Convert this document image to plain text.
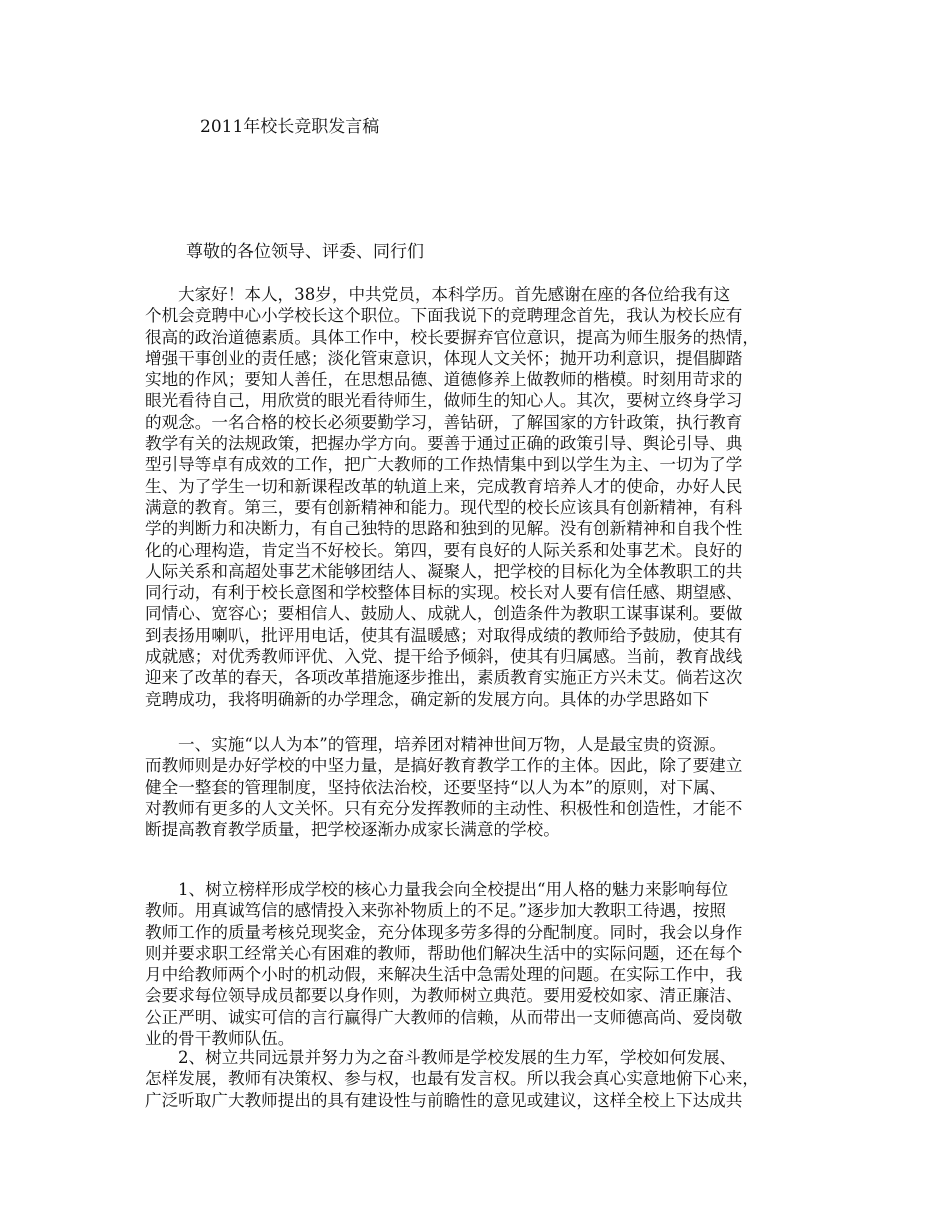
2011年校长竞职发言稿
尊敬的各位领导、评委、同行们
大家好！本人，38岁，中共党员，本科学历。首先感谢在座的各位给我有这
个机会竞聘中心小学校长这个职位。下面我说下的竞聘理念首先，我认为校长应有
很高的政治道德素质。具体工作中，校长要摒弃官位意识，提高为师生服务的热情，
增强干事创业的责任感；淡化管束意识，体现人文关怀；抛开功利意识，提倡脚踏
实地的作风；要知人善任，在思想品德、道德修养上做教师的楷模。时刻用苛求的
眼光看待自己，用欣赏的眼光看待师生，做师生的知心人。其次，要树立终身学习
的观念。一名合格的校长必须要勤学习，善钻研，了解国家的方针政策，执行教育
教学有关的法规政策，把握办学方向。要善于通过正确的政策引导、舆论引导、典
型引导等卓有成效的工作，把广大教师的工作热情集中到以学生为主、一切为了学
生、为了学生一切和新课程改革的轨道上来，完成教育培养人才的使命，办好人民
满意的教育。第三，要有创新精神和能力。现代型的校长应该具有创新精神，有科
学的判断力和决断力，有自己独特的思路和独到的见解。没有创新精神和自我个性
化的心理构造，肯定当不好校长。第四，要有良好的人际关系和处事艺术。良好的
人际关系和高超处事艺术能够团结人、凝聚人，把学校的目标化为全体教职工的共
同行动，有利于校长意图和学校整体目标的实现。校长对人要有信任感、期望感、
同情心、宽容心；要相信人、鼓励人、成就人，创造条件为教职工谋事谋利。要做
到表扬用喇叭，批评用电话，使其有温暖感；对取得成绩的教师给予鼓励，使其有
成就感；对优秀教师评优、入党、提干给予倾斜，使其有归属感。当前，教育战线
迎来了改革的春天，各项改革措施逐步推出，素质教育实施正方兴未艾。倘若这次
竞聘成功，我将明确新的办学理念，确定新的发展方向。具体的办学思路如下
一、实施“以人为本”的管理，培养团对精神世间万物，人是最宝贵的资源。
而教师则是办好学校的中坚力量，是搞好教育教学工作的主体。因此，除了要建立
健全一整套的管理制度，坚持依法治校，还要坚持“以人为本”的原则，对下属、
对教师有更多的人文关怀。只有充分发挥教师的主动性、积极性和创造性，才能不
断提高教育教学质量，把学校逐渐办成家长满意的学校。
1、树立榜样形成学校的核心力量我会向全校提出“用人格的魅力来影响每位
教师。用真诚笃信的感情投入来弥补物质上的不足。”逐步加大教职工待遇，按照
教师工作的质量考核兑现奖金，充分体现多劳多得的分配制度。同时，我会以身作
则并要求职工经常关心有困难的教师，帮助他们解决生活中的实际问题，还在每个
月中给教师两个小时的机动假，来解决生活中急需处理的问题。在实际工作中，我
会要求每位领导成员都要以身作则，为教师树立典范。要用爱校如家、清正廉洁、
公正严明、诚实可信的言行赢得广大教师的信赖，从而带出一支师德高尚、爱岗敬
业的骨干教师队伍。
2、树立共同远景并努力为之奋斗教师是学校发展的生力军，学校如何发展、
怎样发展，教师有决策权、参与权，也最有发言权。所以我会真心实意地俯下心来，
广泛听取广大教师提出的具有建设性与前瞻性的意见或建议，这样全校上下达成共
